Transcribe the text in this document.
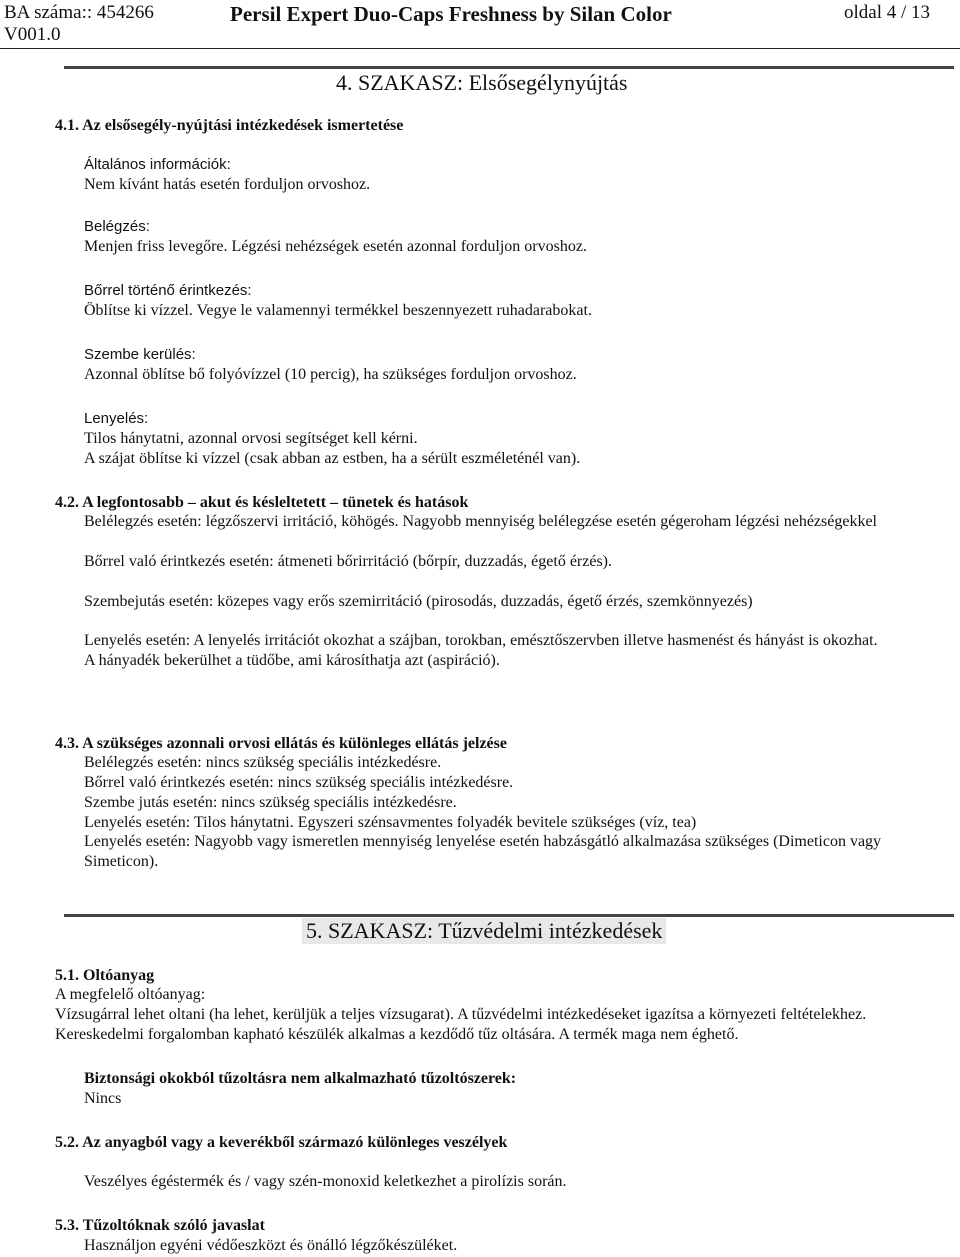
BA száma:: 454266
V001.0
Persil Expert Duo-Caps Freshness by Silan Color	oldal 4 / 13
4. SZAKASZ: Elsősegélynyújtás
4.1. Az elsősegély-nyújtási intézkedések ismertetése
Általános információk:
Nem kívánt hatás esetén forduljon orvoshoz.
Belégzés:
Menjen friss levegőre. Légzési nehézségek esetén azonnal forduljon orvoshoz.
Bőrrel történő érintkezés:
Öblítse ki vízzel. Vegye le valamennyi termékkel beszennyezett ruhadarabokat.
Szembe kerülés:
Azonnal öblítse bő folyóvízzel (10 percig), ha szükséges forduljon orvoshoz.
Lenyelés:
Tilos hánytatni, azonnal orvosi segítséget kell kérni.
A szájat öblítse ki vízzel (csak abban az estben, ha a sérült eszméleténél van).
4.2. A legfontosabb – akut és késleltetett – tünetek és hatások
Belélegzés esetén: légzőszervi irritáció, köhögés. Nagyobb mennyiség belélegzése esetén gégeroham légzési nehézségekkel
Bőrrel való érintkezés esetén: átmeneti bőrirritáció (bőrpír, duzzadás, égető érzés).
Szembejutás esetén: közepes vagy erős szemirritáció (pirosodás, duzzadás, égető érzés, szemkönnyezés)
Lenyelés esetén: A lenyelés irritációt okozhat a szájban, torokban, emésztőszervben illetve hasmenést és hányást is okozhat.
A hányadék bekerülhet a tüdőbe, ami károsíthatja azt (aspiráció).
4.3. A szükséges azonnali orvosi ellátás és különleges ellátás jelzése
Belélegzés esetén: nincs szükség speciális intézkedésre.
Bőrrel való érintkezés esetén: nincs szükség speciális intézkedésre.
Szembe jutás esetén: nincs szükség speciális intézkedésre.
Lenyelés esetén: Tilos hánytatni. Egyszeri szénsavmentes folyadék bevitele szükséges (víz, tea)
Lenyelés esetén: Nagyobb vagy ismeretlen mennyiség lenyelése esetén habzásgátló alkalmazása szükséges (Dimeticon vagy
Simeticon).
5. SZAKASZ: Tűzvédelmi intézkedések
5.1. Oltóanyag
A megfelelő oltóanyag:
Vízsugárral lehet oltani (ha lehet, kerüljük a teljes vízsugarat). A tűzvédelmi intézkedéseket igazítsa a környezeti feltételekhez.
Kereskedelmi forgalomban kapható készülék alkalmas a kezdődő tűz oltására. A termék maga nem éghető.
Biztonsági okokból tűzoltásra nem alkalmazható tűzoltószerek:
Nincs
5.2. Az anyagból vagy a keverékből származó különleges veszélyek
Veszélyes égéstermék és / vagy szén-monoxid keletkezhet a pirolízis során.
5.3. Tűzoltóknak szóló javaslat
Használjon egyéni védőeszközt és önálló légzőkészüléket.
